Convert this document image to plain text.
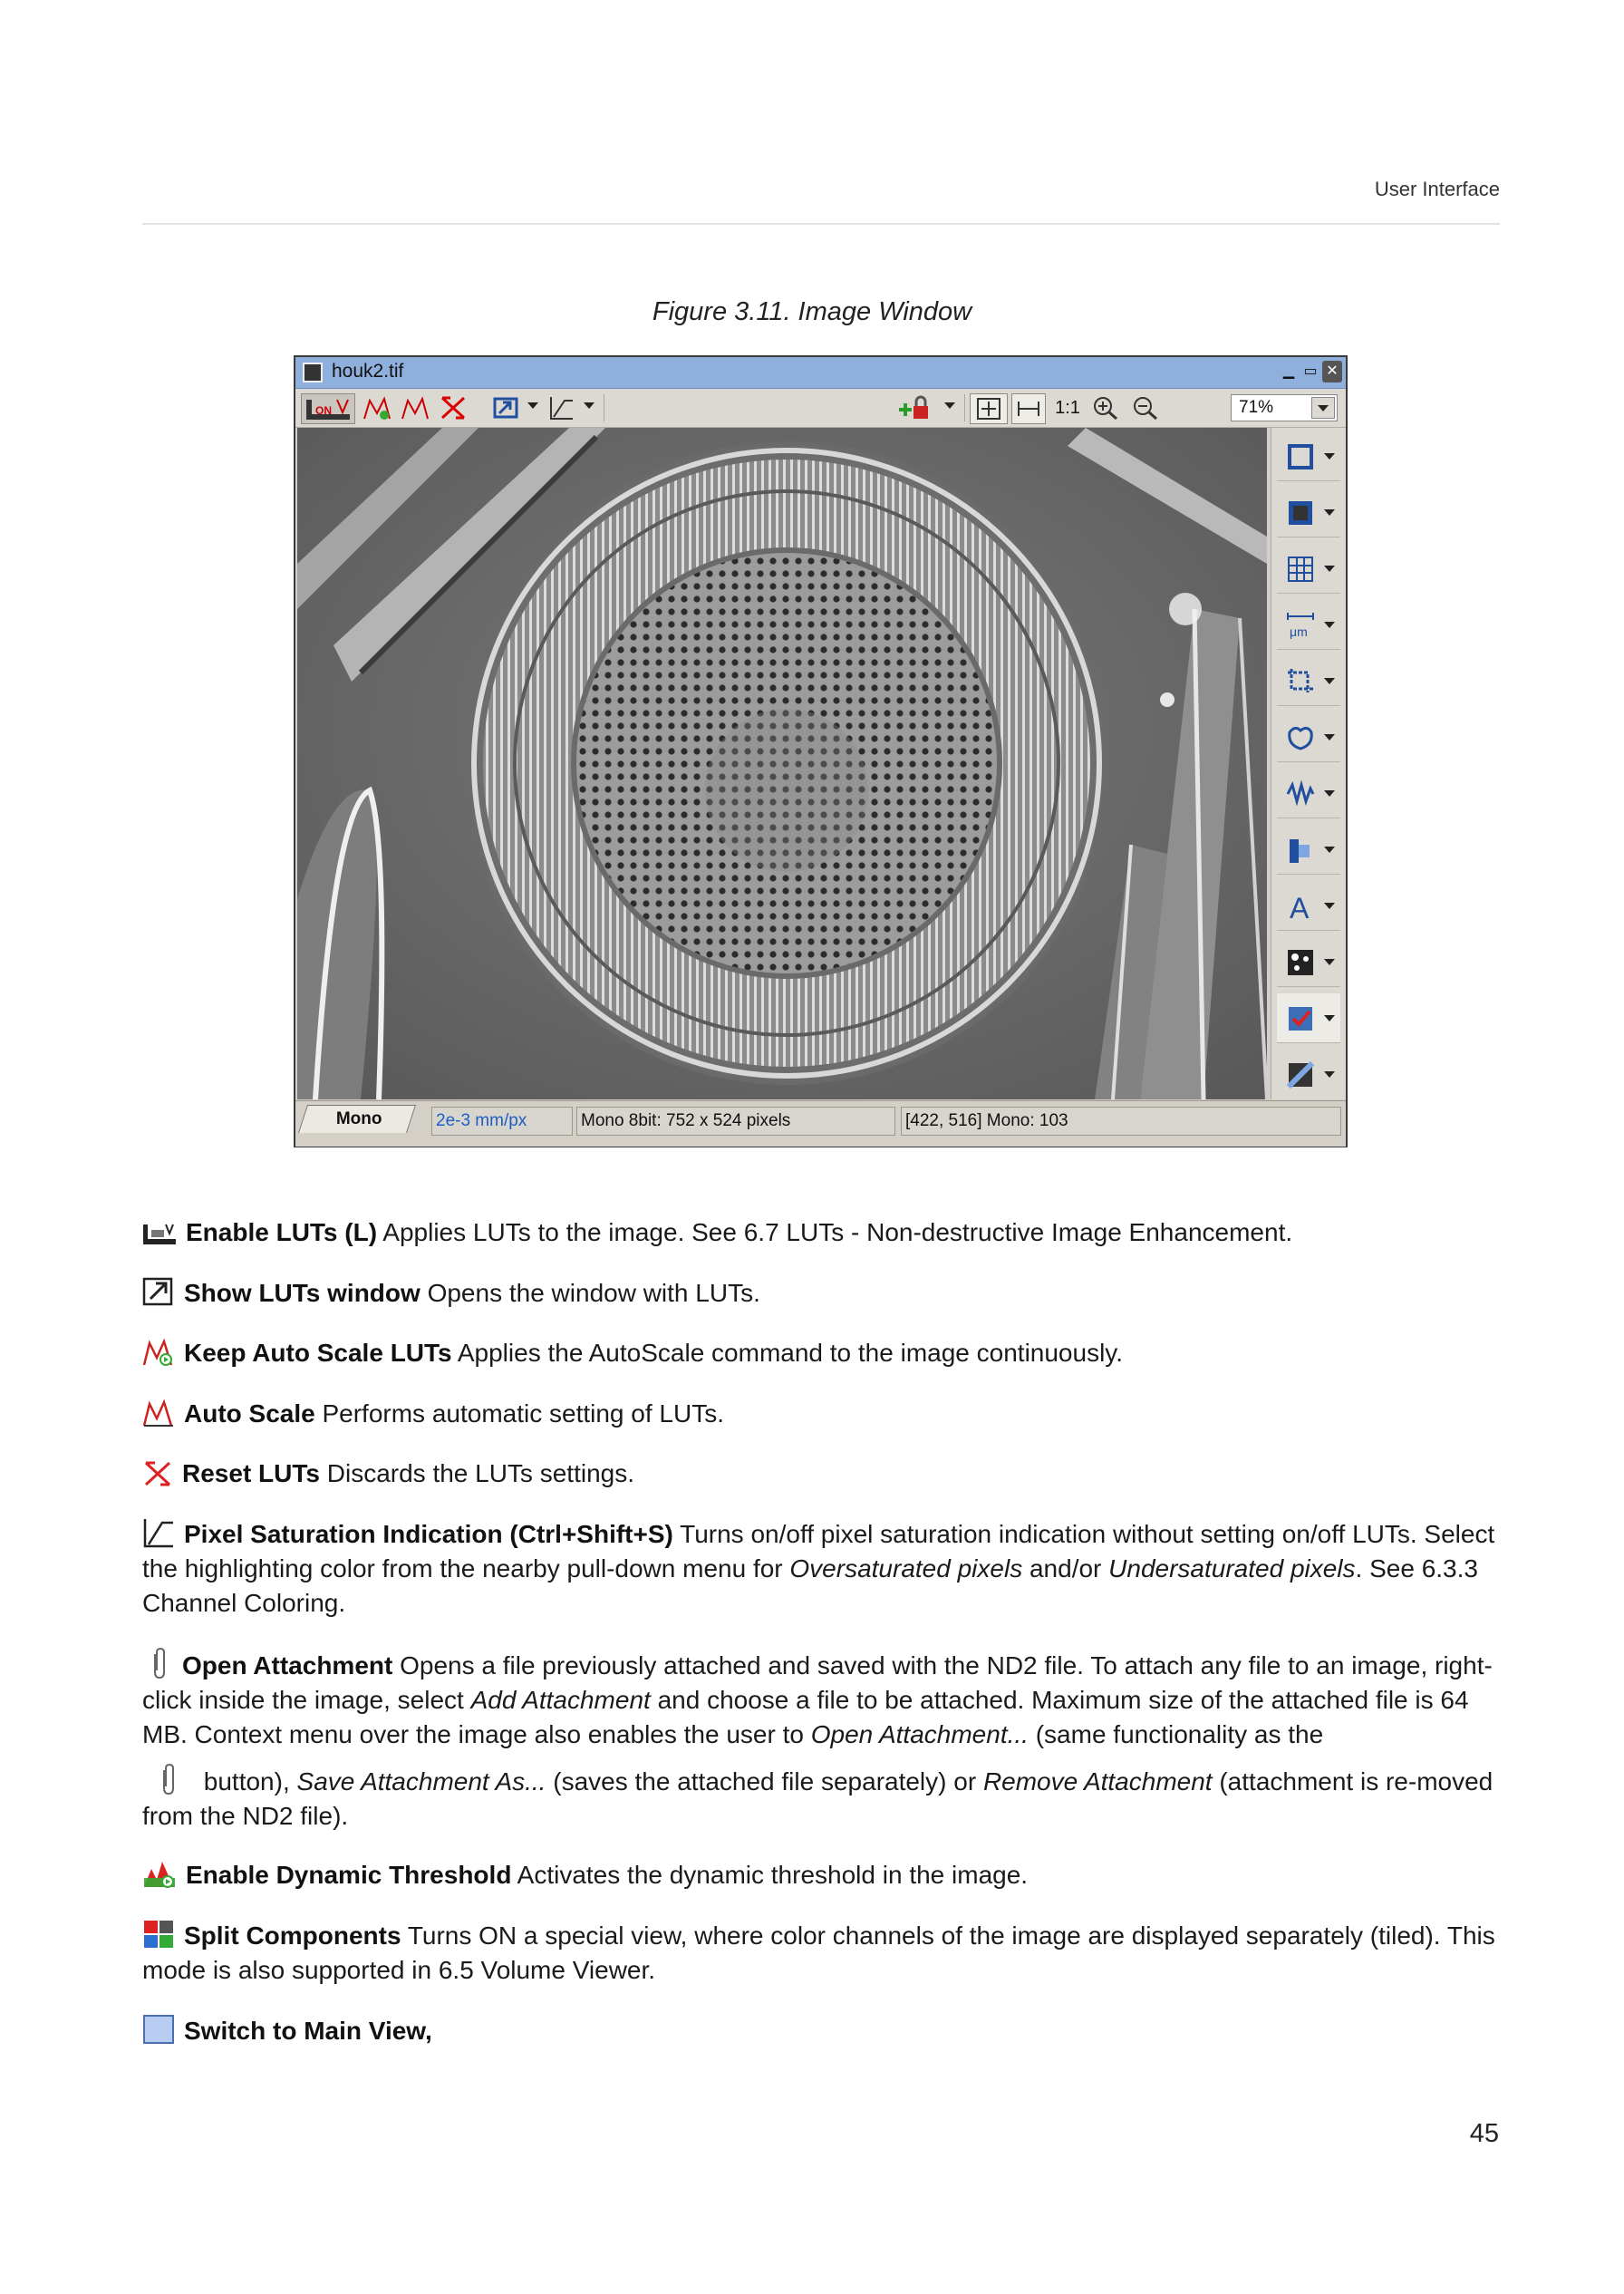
User Interface
Figure 3.11. Image Window
houk2.tif	▁ ▭ ✕
ON	1:1	71%
μm
A
Mono	2e-3 mm/px	Mono 8bit: 752 x 524 pixels	[422, 516] Mono: 103
Enable LUTs (L) Applies LUTs to the image. See 6.7 LUTs - Non-destructive Image Enhancement.
Show LUTs window Opens the window with LUTs.
Keep Auto Scale LUTs Applies the AutoScale command to the image continuously.
Auto Scale Performs automatic setting of LUTs.
Reset LUTs Discards the LUTs settings.
Pixel Saturation Indication (Ctrl+Shift+S) Turns on/off pixel saturation indication without setting on/off LUTs. Select the highlighting color from the nearby pull-down menu for Oversaturated pixels and/or Undersaturated pixels. See 6.3.3 Channel Coloring.
Open Attachment Opens a file previously attached and saved with the ND2 file. To attach any file to an image, right-click inside the image, select Add Attachment and choose a file to be attached. Maximum size of the attached file is 64 MB. Context menu over the image also enables the user to Open Attachment... (same functionality as the
button), Save Attachment As... (saves the attached file separately) or Remove Attachment (attachment is re-moved from the ND2 file).
Enable Dynamic Threshold Activates the dynamic threshold in the image.
Split Components Turns ON a special view, where color channels of the image are displayed separately (tiled). This mode is also supported in 6.5 Volume Viewer.
Switch to Main View,
45
